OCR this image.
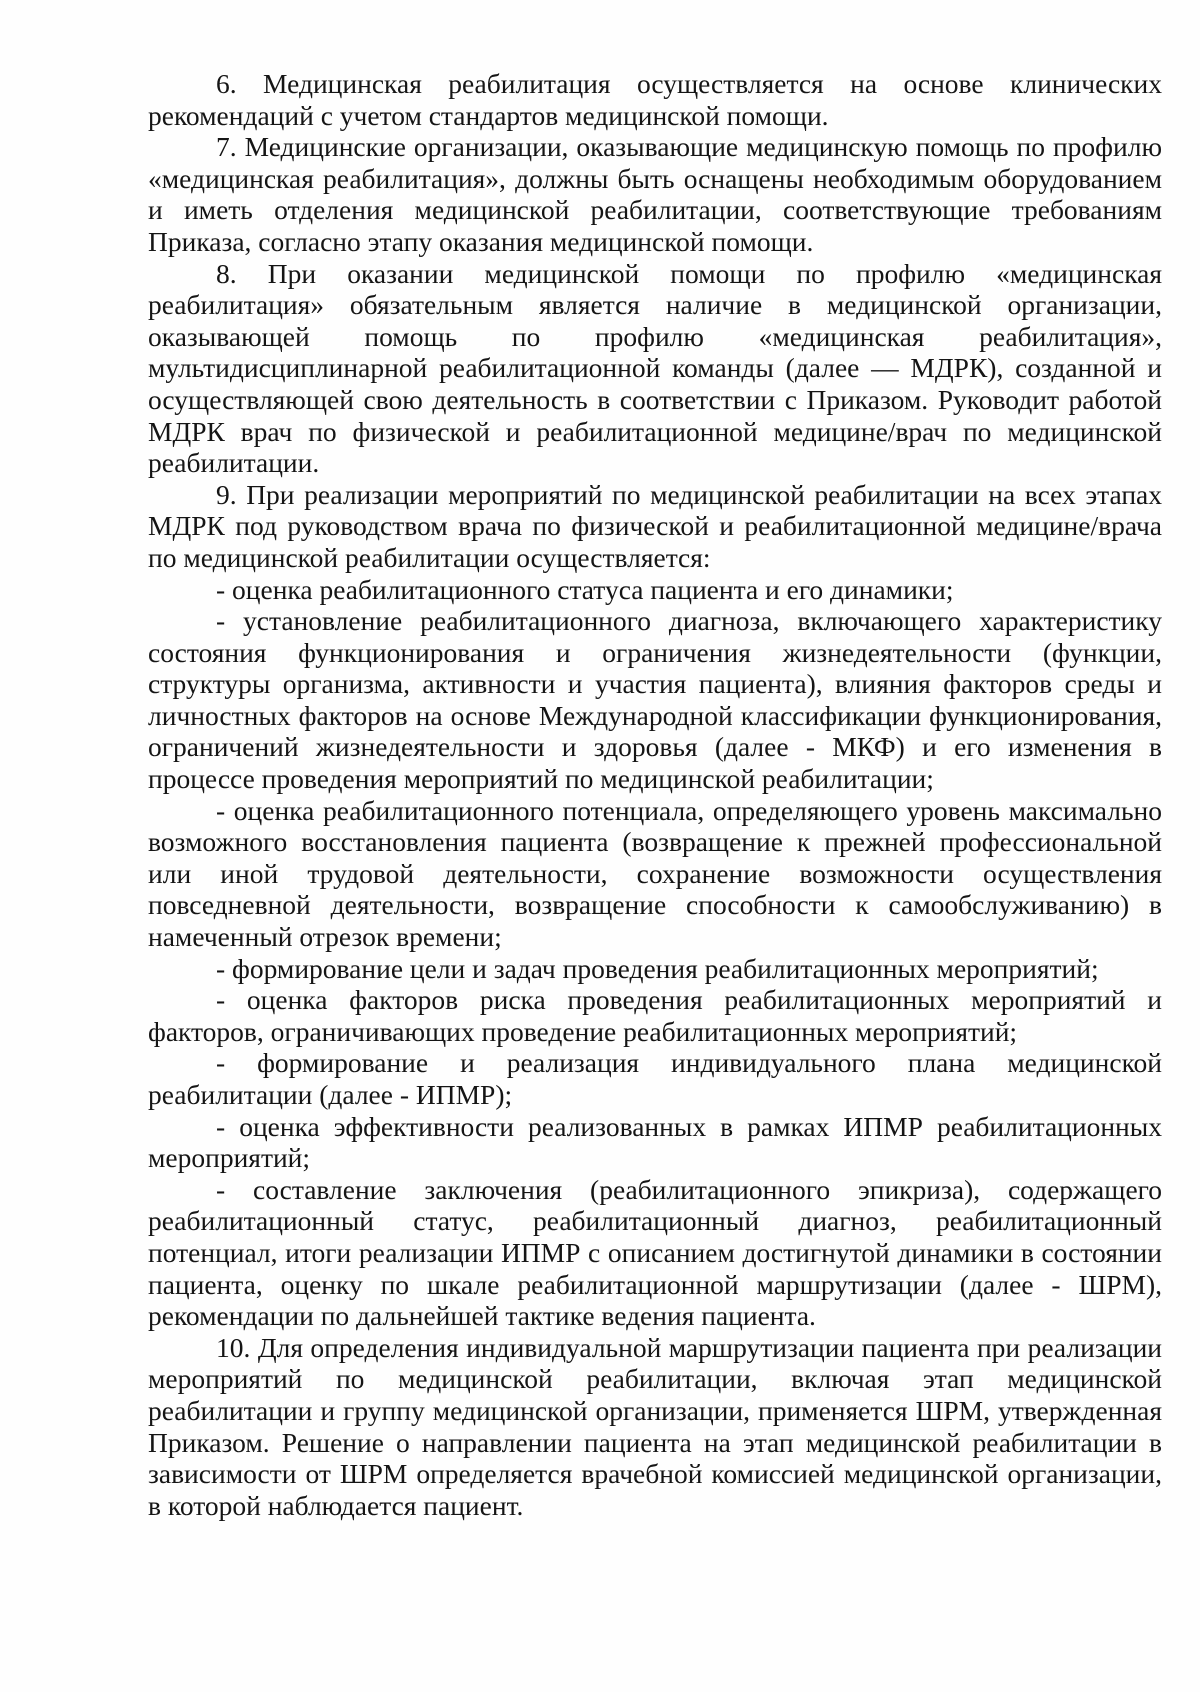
6. Медицинская реабилитация осуществляется на основе клинических рекомендаций с учетом стандартов медицинской помощи.

7. Медицинские организации, оказывающие медицинскую помощь по профилю «медицинская реабилитация», должны быть оснащены необходимым оборудованием и иметь отделения медицинской реабилитации, соответствующие требованиям Приказа, согласно этапу оказания медицинской помощи.

8. При оказании медицинской помощи по профилю «медицинская реабилитация» обязательным является наличие в медицинской организации, оказывающей помощь по профилю «медицинская реабилитация», мультидисциплинарной реабилитационной команды (далее — МДРК), созданной и осуществляющей свою деятельность в соответствии с Приказом. Руководит работой МДРК врач по физической и реабилитационной медицине/врач по медицинской реабилитации.

9. При реализации мероприятий по медицинской реабилитации на всех этапах МДРК под руководством врача по физической и реабилитационной медицине/врача по медицинской реабилитации осуществляется:

- оценка реабилитационного статуса пациента и его динамики;

- установление реабилитационного диагноза, включающего характеристику состояния функционирования и ограничения жизнедеятельности (функции, структуры организма, активности и участия пациента), влияния факторов среды и личностных факторов на основе Международной классификации функционирования, ограничений жизнедеятельности и здоровья (далее - МКФ) и его изменения в процессе проведения мероприятий по медицинской реабилитации;

- оценка реабилитационного потенциала, определяющего уровень максимально возможного восстановления пациента (возвращение к прежней профессиональной или иной трудовой деятельности, сохранение возможности осуществления повседневной деятельности, возвращение способности к самообслуживанию) в намеченный отрезок времени;

- формирование цели и задач проведения реабилитационных мероприятий;

- оценка факторов риска проведения реабилитационных мероприятий и факторов, ограничивающих проведение реабилитационных мероприятий;

- формирование и реализация индивидуального плана медицинской реабилитации (далее - ИПМР);

- оценка эффективности реализованных в рамках ИПМР реабилитационных мероприятий;

- составление заключения (реабилитационного эпикриза), содержащего реабилитационный статус, реабилитационный диагноз, реабилитационный потенциал, итоги реализации ИПМР с описанием достигнутой динамики в состоянии пациента, оценку по шкале реабилитационной маршрутизации (далее - ШРМ), рекомендации по дальнейшей тактике ведения пациента.

10. Для определения индивидуальной маршрутизации пациента при реализации мероприятий по медицинской реабилитации, включая этап медицинской реабилитации и группу медицинской организации, применяется ШРМ, утвержденная Приказом. Решение о направлении пациента на этап медицинской реабилитации в зависимости от ШРМ определяется врачебной комиссией медицинской организации, в которой наблюдается пациент.
